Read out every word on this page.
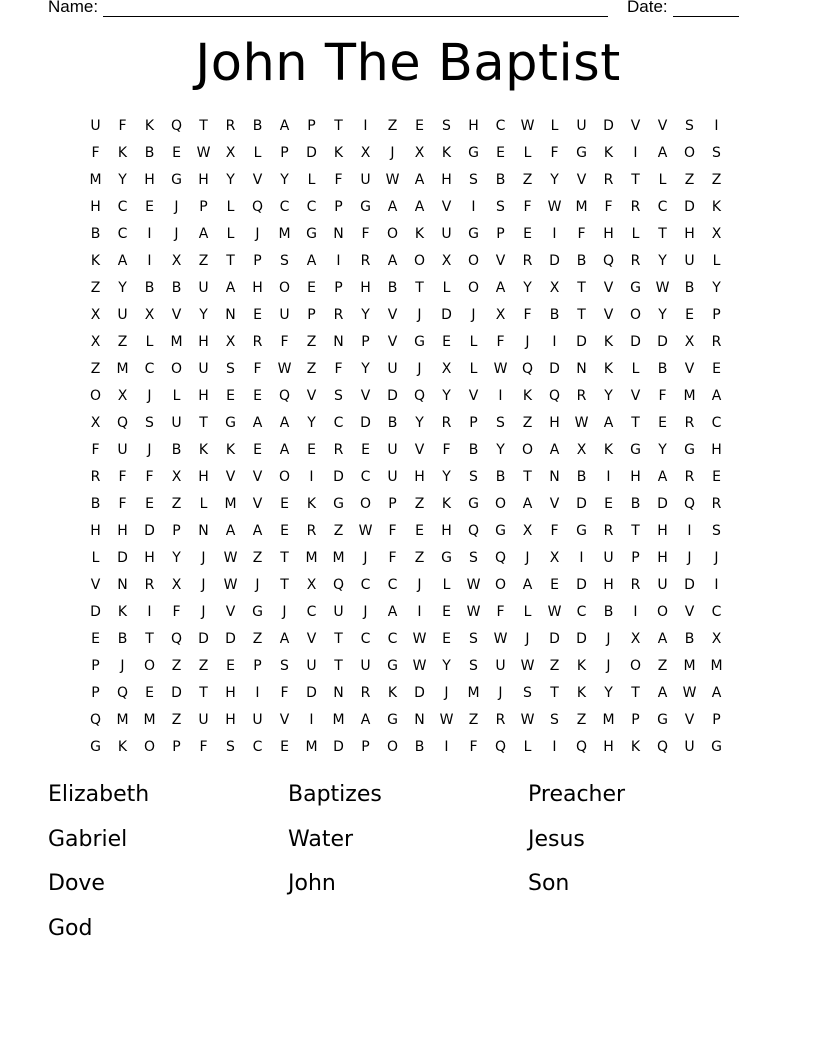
Name:	Date:
John The Baptist
U	F	K	Q	T	R	B	A	P	T	I	Z	E	S	H	C	W	L	U	D	V	V	S	I
F	K	B	E	W	X	L	P	D	K	X	J	X	K	G	E	L	F	G	K	I	A	O	S
M	Y	H	G	H	Y	V	Y	L	F	U	W	A	H	S	B	Z	Y	V	R	T	L	Z	Z
H	C	E	J	P	L	Q	C	C	P	G	A	A	V	I	S	F	W	M	F	R	C	D	K
B	C	I	J	A	L	J	M	G	N	F	O	K	U	G	P	E	I	F	H	L	T	H	X
K	A	I	X	Z	T	P	S	A	I	R	A	O	X	O	V	R	D	B	Q	R	Y	U	L
Z	Y	B	B	U	A	H	O	E	P	H	B	T	L	O	A	Y	X	T	V	G	W	B	Y
X	U	X	V	Y	N	E	U	P	R	Y	V	J	D	J	X	F	B	T	V	O	Y	E	P
X	Z	L	M	H	X	R	F	Z	N	P	V	G	E	L	F	J	I	D	K	D	D	X	R
Z	M	C	O	U	S	F	W	Z	F	Y	U	J	X	L	W	Q	D	N	K	L	B	V	E
O	X	J	L	H	E	E	Q	V	S	V	D	Q	Y	V	I	K	Q	R	Y	V	F	M	A
X	Q	S	U	T	G	A	A	Y	C	D	B	Y	R	P	S	Z	H	W	A	T	E	R	C
F	U	J	B	K	K	E	A	E	R	E	U	V	F	B	Y	O	A	X	K	G	Y	G	H
R	F	F	X	H	V	V	O	I	D	C	U	H	Y	S	B	T	N	B	I	H	A	R	E
B	F	E	Z	L	M	V	E	K	G	O	P	Z	K	G	O	A	V	D	E	B	D	Q	R
H	H	D	P	N	A	A	E	R	Z	W	F	E	H	Q	G	X	F	G	R	T	H	I	S
L	D	H	Y	J	W	Z	T	M	M	J	F	Z	G	S	Q	J	X	I	U	P	H	J	J
V	N	R	X	J	W	J	T	X	Q	C	C	J	L	W	O	A	E	D	H	R	U	D	I
D	K	I	F	J	V	G	J	C	U	J	A	I	E	W	F	L	W	C	B	I	O	V	C
E	B	T	Q	D	D	Z	A	V	T	C	C	W	E	S	W	J	D	D	J	X	A	B	X
P	J	O	Z	Z	E	P	S	U	T	U	G	W	Y	S	U	W	Z	K	J	O	Z	M	M
P	Q	E	D	T	H	I	F	D	N	R	K	D	J	M	J	S	T	K	Y	T	A	W	A
Q	M	M	Z	U	H	U	V	I	M	A	G	N	W	Z	R	W	S	Z	M	P	G	V	P
G	K	O	P	F	S	C	E	M	D	P	O	B	I	F	Q	L	I	Q	H	K	Q	U	G
Elizabeth	Baptizes	Preacher
Gabriel	Water	Jesus
Dove	John	Son
God
